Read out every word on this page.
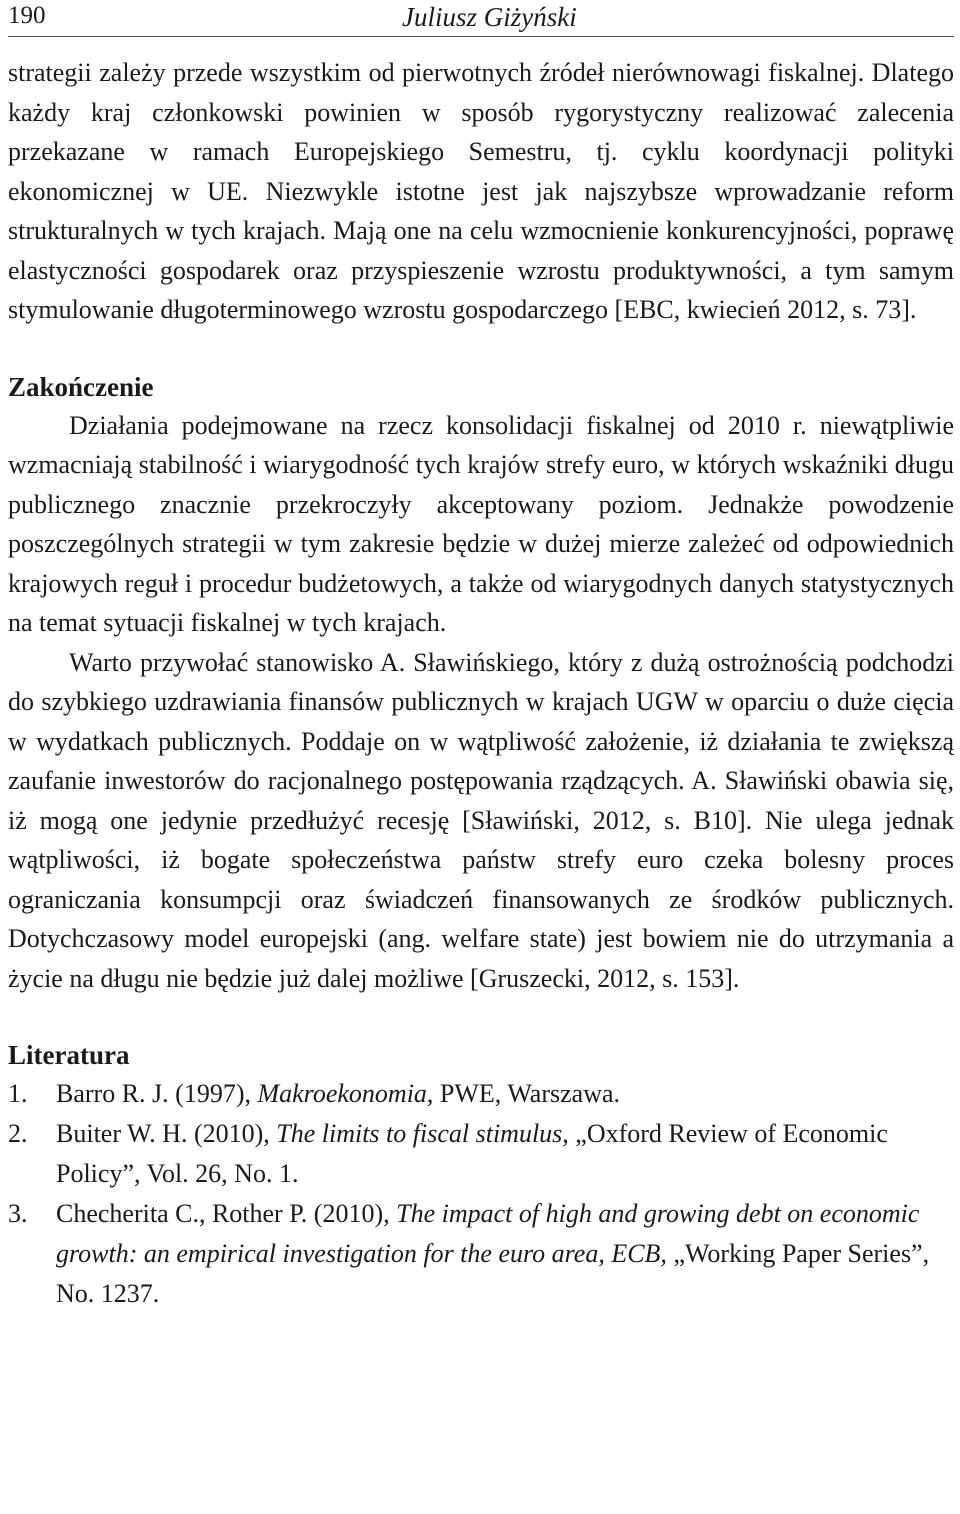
190	Juliusz Giżyński

strategii zależy przede wszystkim od pierwotnych źródeł nierównowagi fiskalnej. Dlatego każdy kraj członkowski powinien w sposób rygorystyczny realizować zalecenia przekazane w ramach Europejskiego Semestru, tj. cyklu koordynacji polityki ekonomicznej w UE. Niezwykle istotne jest jak najszybsze wprowadzanie reform strukturalnych w tych krajach. Mają one na celu wzmocnienie konkurencyjności, poprawę elastyczności gospodarek oraz przyspieszenie wzrostu produktywności, a tym samym stymulowanie długoterminowego wzrostu gospodarczego [EBC, kwiecień 2012, s. 73].

Zakończenie

Działania podejmowane na rzecz konsolidacji fiskalnej od 2010 r. niewątpliwie wzmacniają stabilność i wiarygodność tych krajów strefy euro, w których wskaźniki długu publicznego znacznie przekroczyły akceptowany poziom. Jednakże powodzenie poszczególnych strategii w tym zakresie będzie w dużej mierze zależeć od odpowiednich krajowych reguł i procedur budżetowych, a także od wiarygodnych danych statystycznych na temat sytuacji fiskalnej w tych krajach.

Warto przywołać stanowisko A. Sławińskiego, który z dużą ostrożnością podchodzi do szybkiego uzdrawiania finansów publicznych w krajach UGW w oparciu o duże cięcia w wydatkach publicznych. Poddaje on w wątpliwość założenie, iż działania te zwiększą zaufanie inwestorów do racjonalnego postępowania rządzących. A. Sławiński obawia się, iż mogą one jedynie przedłużyć recesję [Sławiński, 2012, s. B10]. Nie ulega jednak wątpliwości, iż bogate społeczeństwa państw strefy euro czeka bolesny proces ograniczania konsumpcji oraz świadczeń finansowanych ze środków publicznych. Dotychczasowy model europejski (ang. welfare state) jest bowiem nie do utrzymania a życie na długu nie będzie już dalej możliwe [Gruszecki, 2012, s. 153].

Literatura
1. Barro R. J. (1997), Makroekonomia, PWE, Warszawa.
2. Buiter W. H. (2010), The limits to fiscal stimulus, „Oxford Review of Economic Policy”, Vol. 26, No. 1.
3. Checherita C., Rother P. (2010), The impact of high and growing debt on economic growth: an empirical investigation for the euro area, ECB, „Working Paper Series”, No. 1237.
